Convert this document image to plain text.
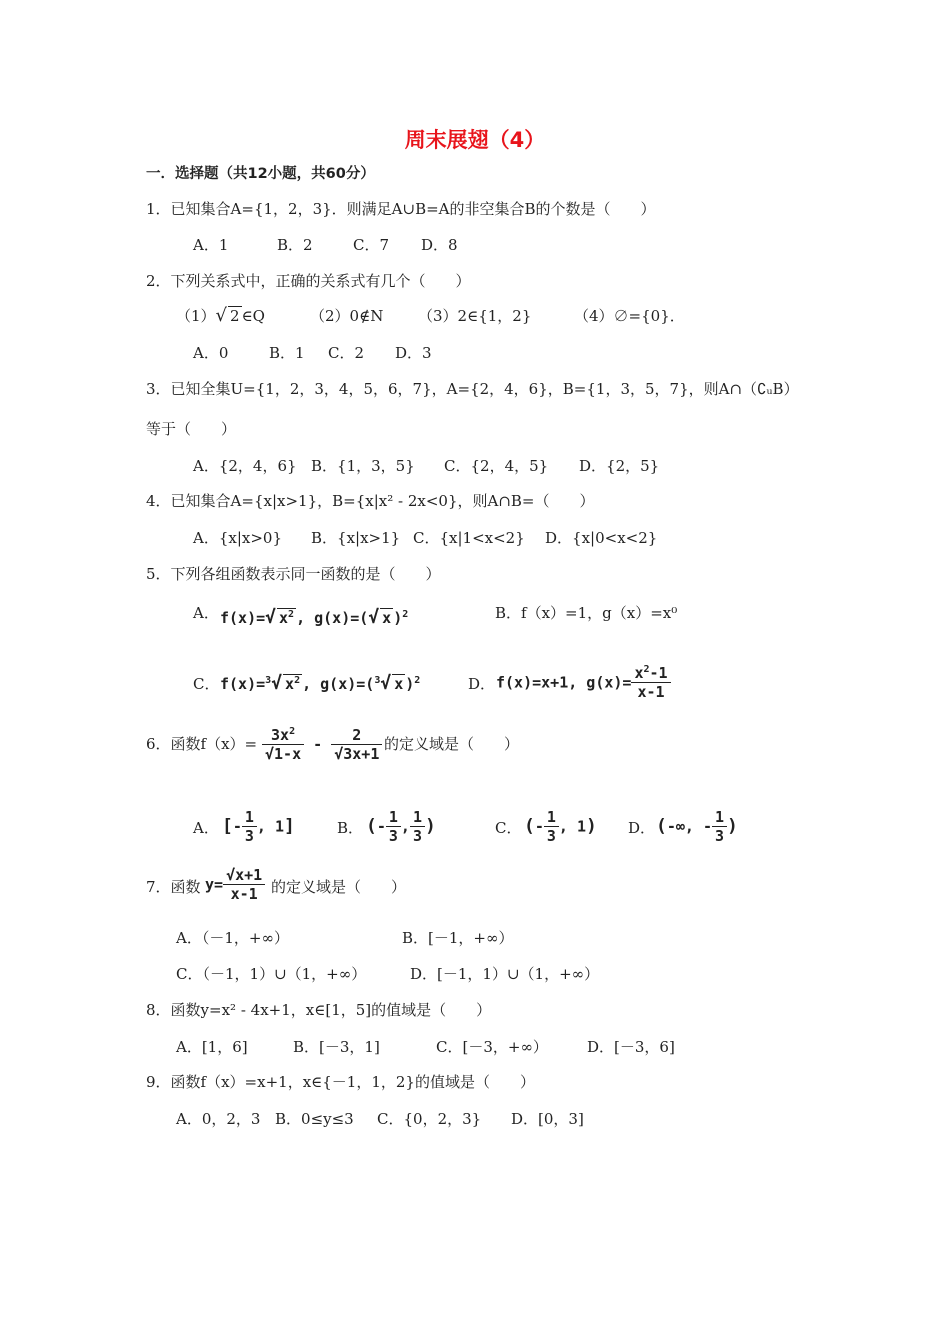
周末展翅（4）
一．选择题（共12小题，共60分）
1．已知集合A={1，2，3}．则满足A∪B=A的非空集合B的个数是（　　）
A．1	B．2	C．7 D．8
2．下列关系式中，正确的关系式有几个（　　）
（1）√ 2 ∈Q	（2）0∉N （3）2∈{1，2}	（4）∅={0}．
A．0	B．1 C．2 D．3
3．已知全集U={1，2，3，4，5，6，7}，A={2，4，6}，B={1，3，5，7}，则A∩（∁ᵤB）
等于（　　）
A．{2，4，6} B．{1，3，5} C．{2，4，5} D．{2，5}
4．已知集合A={x|x>1}，B={x|x² - 2x<0}，则A∩B=（　　）
A．{x|x>0} B．{x|x>1} C．{x|1<x<2} D．{x|0<x<2}
5．下列各组函数表示同一函数的是（　　）
A． f(x)=√ $x^2$ , g(x)=(√ x )$^2$	B．f（x）=1，g（x）=x⁰
C． f(x)=$^3$√ $x^2$ , g(x)=($^3$√ x )$^2$	D． f(x)=x+1, $g(x)= \frac{x^2-1}{x-1}$
6．函数$f(x)= \frac{3x^2}{√1-x} - \frac{2}{√3x+1}$ 的定义域是（　　）
A． [- $\frac{1}{3}$ , 1]	B． (- $\frac{1}{3}$ , $\frac{1}{3}$ )	C． (- $\frac{1}{3}$ , 1) D． (-∞, - $\frac{1}{3}$ )
7．函数 $y= \frac{√x+1}{x-1}$ 的定义域是（　　）
A．（－1，+∞）	B．[－1，+∞）
C．（－1，1）∪（1，+∞）	D．[－1，1）∪（1，+∞）
8．函数y=x² - 4x+1，x∈[1，5]的值域是（　　）
A．[1，6]	B．[－3，1]	C．[－3，+∞）	D．[－3，6]
9．函数f（x）=x+1，x∈{－1，1，2}的值域是（　　）
A．0，2，3 B．0≤y≤3 C．{0，2，3} D．[0，3]
